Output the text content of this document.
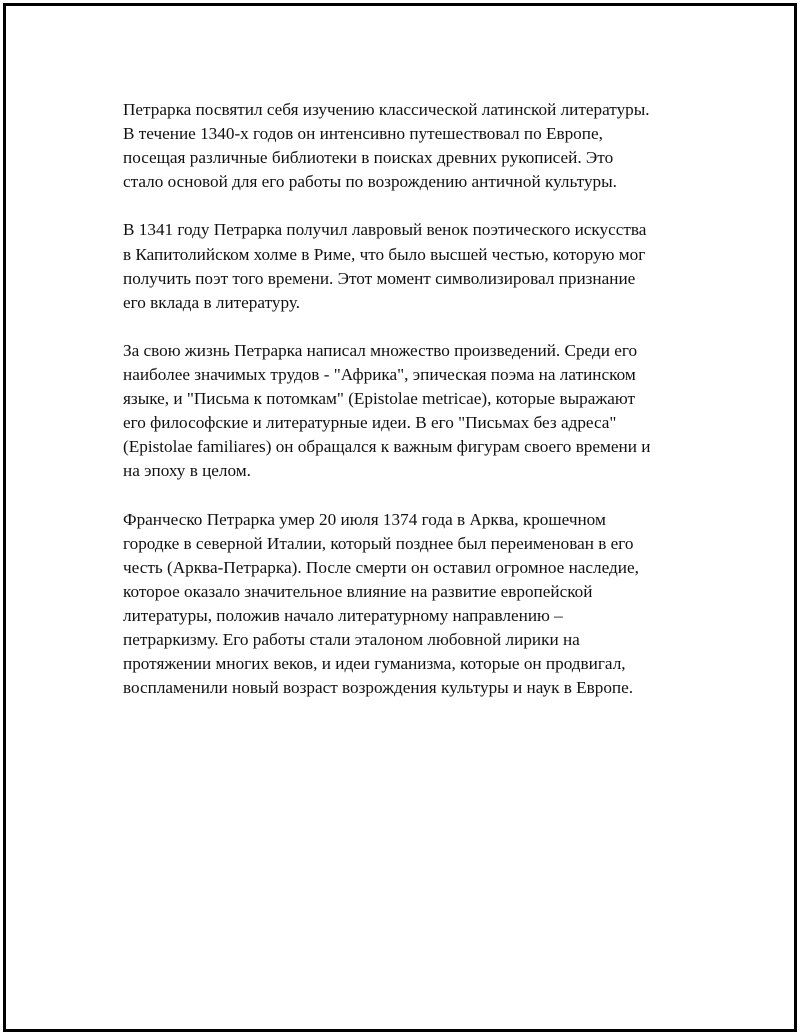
Петрарка посвятил себя изучению классической латинской литературы.
В течение 1340-х годов он интенсивно путешествовал по Европе,
посещая различные библиотеки в поисках древних рукописей. Это
стало основой для его работы по возрождению античной культуры.

В 1341 году Петрарка получил лавровый венок поэтического искусства
в Капитолийском холме в Риме, что было высшей честью, которую мог
получить поэт того времени. Этот момент символизировал признание
его вклада в литературу.

За свою жизнь Петрарка написал множество произведений. Среди его
наиболее значимых трудов - "Африка", эпическая поэма на латинском
языке, и "Письма к потомкам" (Epistolae metricae), которые выражают
его философские и литературные идеи. В его "Письмах без адреса"
(Epistolae familiares) он обращался к важным фигурам своего времени и
на эпоху в целом.

Франческо Петрарка умер 20 июля 1374 года в Арква, крошечном
городке в северной Италии, который позднее был переименован в его
честь (Арква-Петрарка). После смерти он оставил огромное наследие,
которое оказало значительное влияние на развитие европейской
литературы, положив начало литературному направлению –
петраркизму. Его работы стали эталоном любовной лирики на
протяжении многих веков, и идеи гуманизма, которые он продвигал,
воспламенили новый возраст возрождения культуры и наук в Европе.
